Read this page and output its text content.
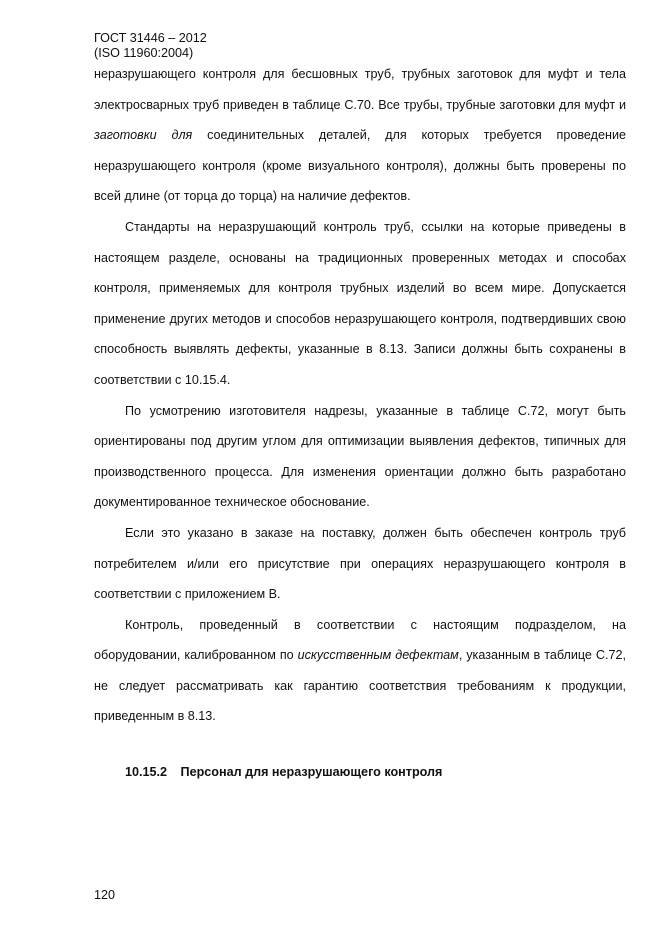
ГОСТ 31446 – 2012
(ISO 11960:2004)

неразрушающего контроля для бесшовных труб, трубных заготовок для муфт и тела электросварных труб приведен в таблице С.70. Все трубы, трубные заготовки для муфт и заготовки для соединительных деталей, для которых требуется проведение неразрушающего контроля (кроме визуального контроля), должны быть проверены по всей длине (от торца до торца) на наличие дефектов.

Стандарты на неразрушающий контроль труб, ссылки на которые приведены в настоящем разделе, основаны на традиционных проверенных методах и способах контроля, применяемых для контроля трубных изделий во всем мире. Допускается применение других методов и способов неразрушающего контроля, подтвердивших свою способность выявлять дефекты, указанные в 8.13. Записи должны быть сохранены в соответствии с 10.15.4.

По усмотрению изготовителя надрезы, указанные в таблице С.72, могут быть ориентированы под другим углом для оптимизации выявления дефектов, типичных для производственного процесса. Для изменения ориентации должно быть разработано документированное техническое обоснование.

Если это указано в заказе на поставку, должен быть обеспечен контроль труб потребителем и/или его присутствие при операциях неразрушающего контроля в соответствии с приложением В.

Контроль, проведенный в соответствии с настоящим подразделом, на оборудовании, калиброванном по искусственным дефектам, указанным в таблице С.72, не следует рассматривать как гарантию соответствия требованиям к продукции, приведенным в 8.13.

10.15.2 Персонал для неразрушающего контроля
120
